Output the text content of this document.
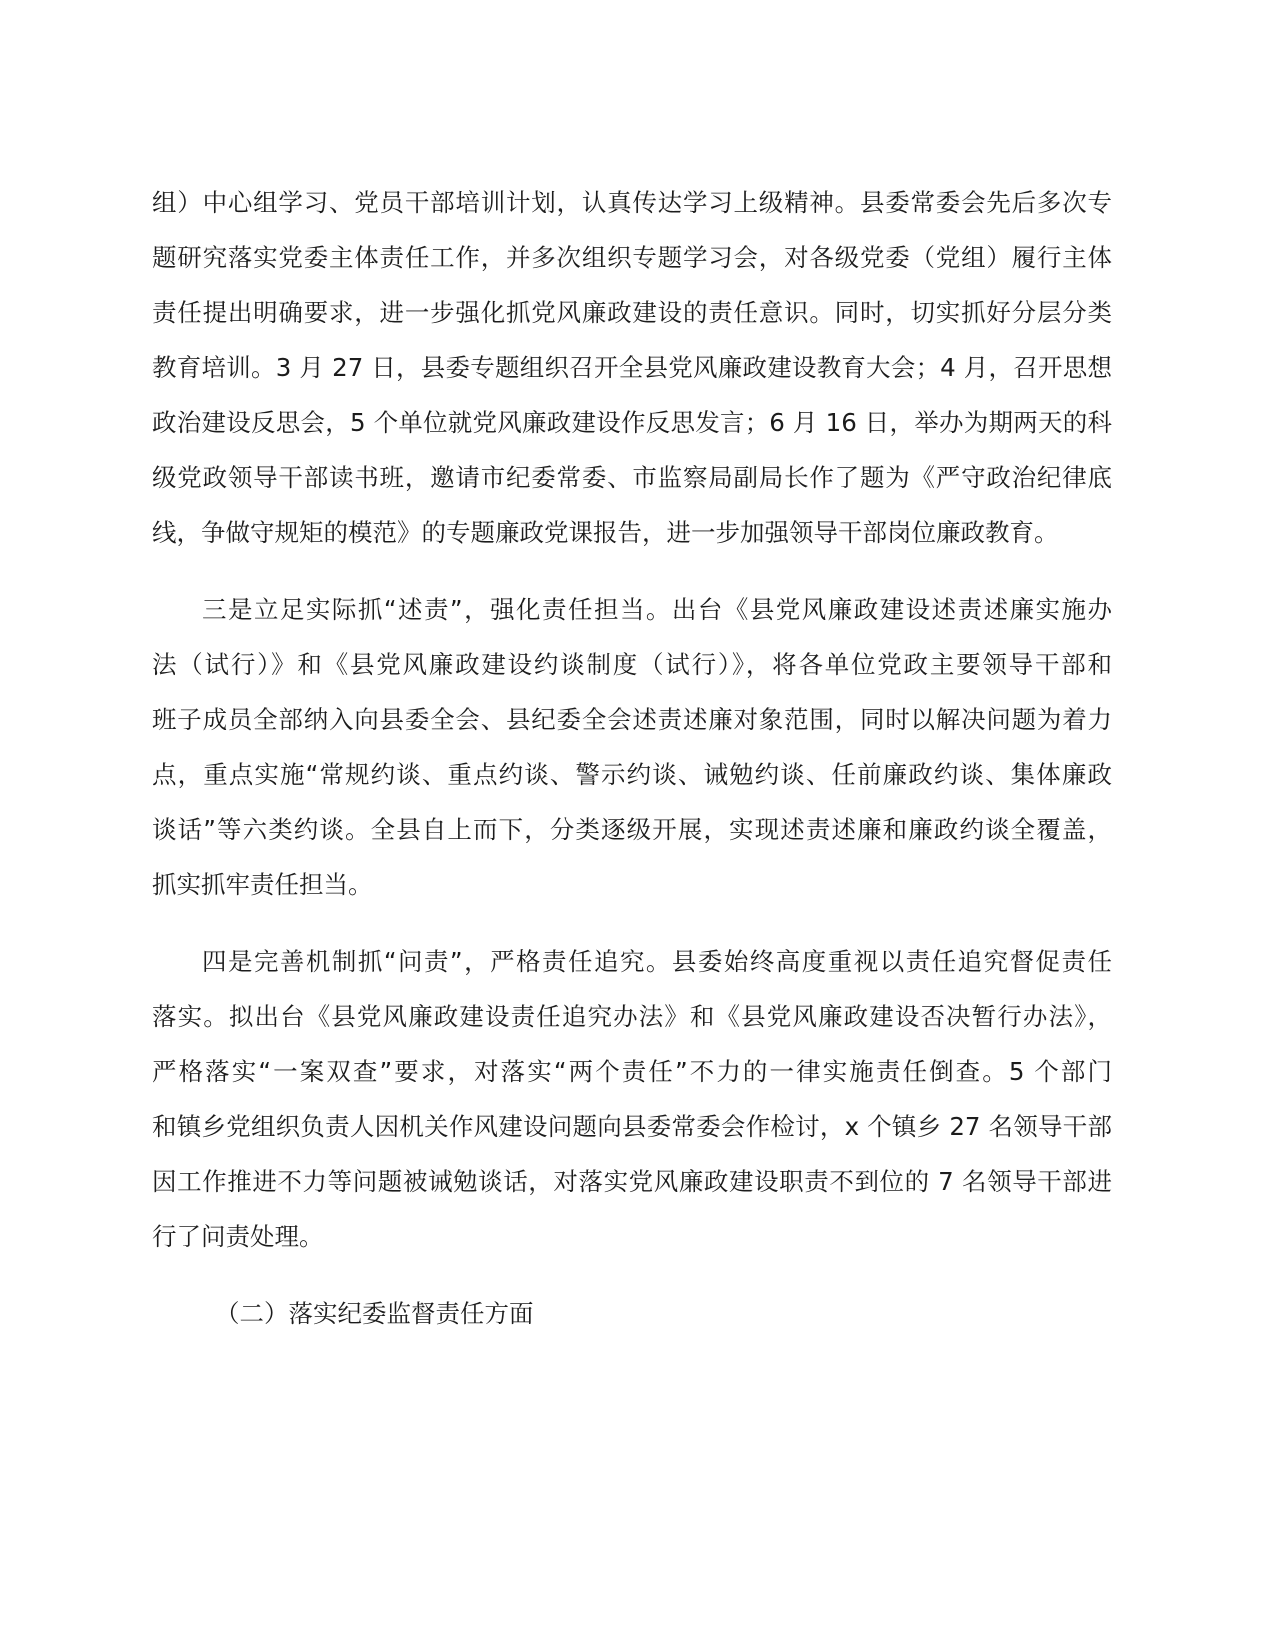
组）中心组学习、党员干部培训计划，认真传达学习上级精神。县委常委会先后多次专
题研究落实党委主体责任工作，并多次组织专题学习会，对各级党委（党组）履行主体
责任提出明确要求，进一步强化抓党风廉政建设的责任意识。同时，切实抓好分层分类
教育培训。3 月 27 日，县委专题组织召开全县党风廉政建设教育大会；4 月，召开思想
政治建设反思会，5 个单位就党风廉政建设作反思发言；6 月 16 日，举办为期两天的科
级党政领导干部读书班，邀请市纪委常委、市监察局副局长作了题为《严守政治纪律底
线，争做守规矩的模范》的专题廉政党课报告，进一步加强领导干部岗位廉政教育。
三是立足实际抓“述责”，强化责任担当。出台《县党风廉政建设述责述廉实施办
法（试行）》和《县党风廉政建设约谈制度（试行）》，将各单位党政主要领导干部和
班子成员全部纳入向县委全会、县纪委全会述责述廉对象范围，同时以解决问题为着力
点，重点实施“常规约谈、重点约谈、警示约谈、诫勉约谈、任前廉政约谈、集体廉政
谈话”等六类约谈。全县自上而下，分类逐级开展，实现述责述廉和廉政约谈全覆盖，
抓实抓牢责任担当。
四是完善机制抓“问责”，严格责任追究。县委始终高度重视以责任追究督促责任
落实。拟出台《县党风廉政建设责任追究办法》和《县党风廉政建设否决暂行办法》，
严格落实“一案双查”要求，对落实“两个责任”不力的一律实施责任倒查。5 个部门
和镇乡党组织负责人因机关作风建设问题向县委常委会作检讨，x 个镇乡 27 名领导干部
因工作推进不力等问题被诫勉谈话，对落实党风廉政建设职责不到位的 7 名领导干部进
行了问责处理。
（二）落实纪委监督责任方面
